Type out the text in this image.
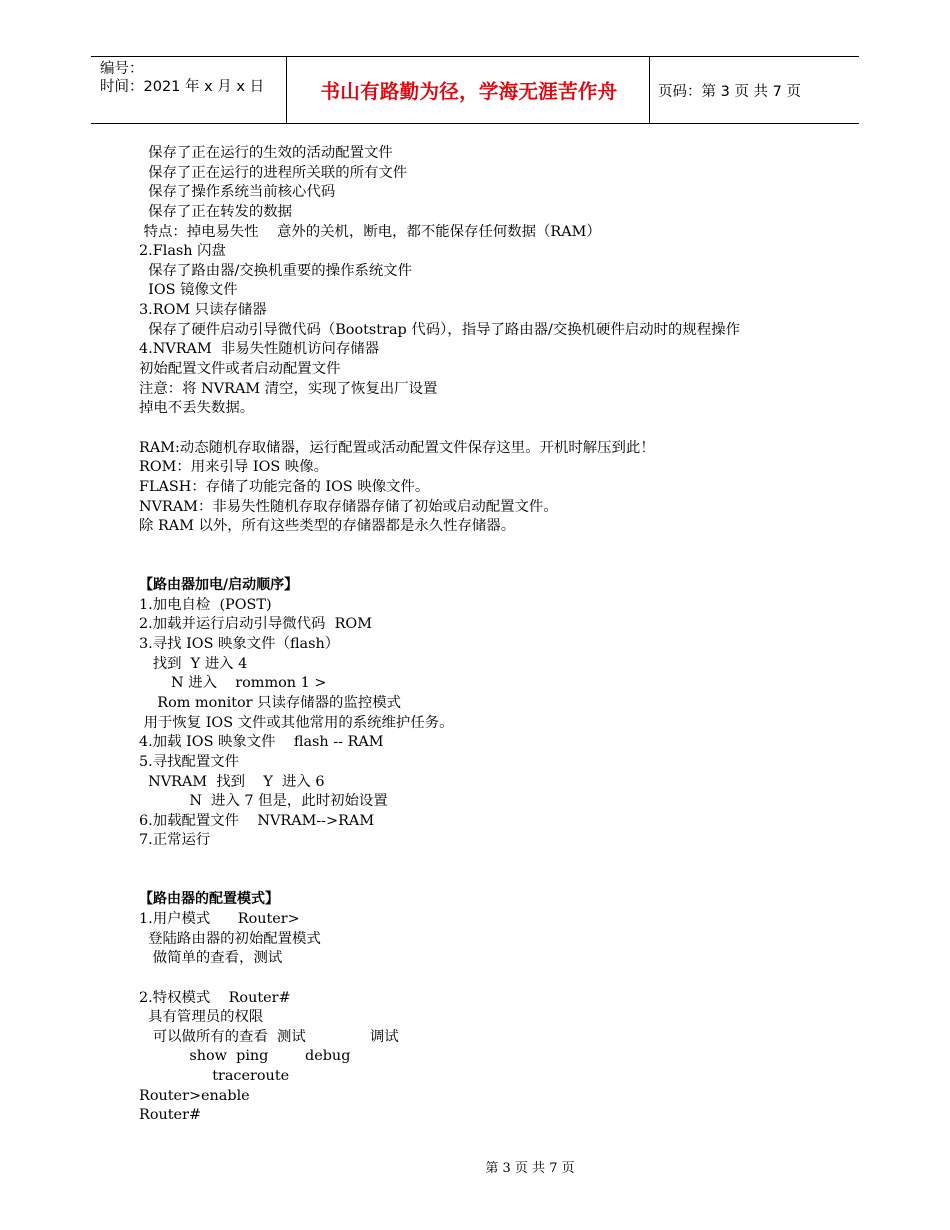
编号：
时间：2021 年 x 月 x 日	书山有路勤为径，学海无涯苦作舟	页码：第 3 页 共 7 页
保存了正在运行的生效的活动配置文件
保存了正在运行的进程所关联的所有文件
保存了操作系统当前核心代码
保存了正在转发的数据
特点：掉电易失性    意外的关机，断电，都不能保存任何数据（RAM）
2.Flash 闪盘
保存了路由器/交换机重要的操作系统文件
IOS 镜像文件
3.ROM 只读存储器
保存了硬件启动引导微代码（Bootstrap 代码），指导了路由器/交换机硬件启动时的规程操作
4.NVRAM  非易失性随机访问存储器
初始配置文件或者启动配置文件
注意：将 NVRAM 清空，实现了恢复出厂设置
掉电不丢失数据。
RAM:动态随机存取储器，运行配置或活动配置文件保存这里。开机时解压到此！
ROM：用来引导 IOS 映像。
FLASH：存储了功能完备的 IOS 映像文件。
NVRAM：非易失性随机存取存储器存储了初始或启动配置文件。
除 RAM 以外，所有这些类型的存储器都是永久性存储器。
【路由器加电/启动顺序】
1.加电自检  (POST)
2.加载并运行启动引导微代码  ROM
3.寻找 IOS 映象文件（flash）
找到  Y 进入 4
N 进入    rommon 1 >
Rom monitor 只读存储器的监控模式
用于恢复 IOS 文件或其他常用的系统维护任务。
4.加载 IOS 映象文件    flash -- RAM
5.寻找配置文件
NVRAM  找到    Y  进入 6
N  进入 7 但是，此时初始设置
6.加载配置文件    NVRAM-->RAM
7.正常运行
【路由器的配置模式】
1.用户模式      Router>
登陆路由器的初始配置模式
做简单的查看，测试
2.特权模式    Router#
具有管理员的权限
可以做所有的查看  测试              调试
show  ping        debug
traceroute
Router>enable
Router#
第 3 页 共 7 页
